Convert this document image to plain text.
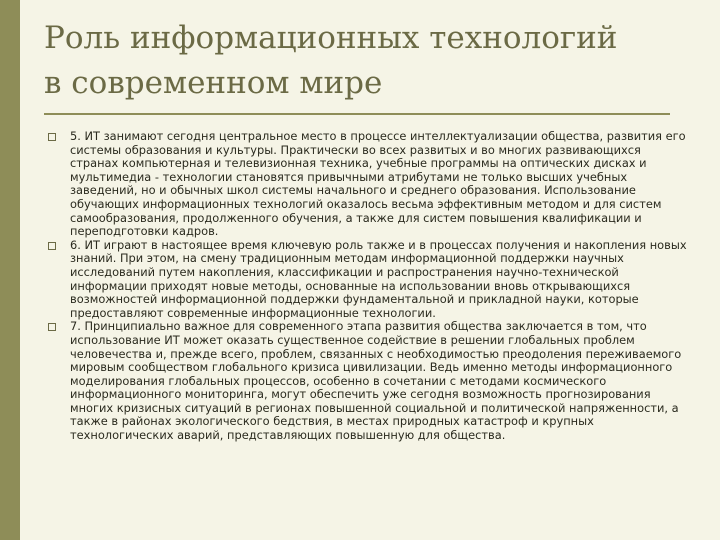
Роль информационных технологий
в современном мире

5. ИТ занимают сегодня центральное место в процессе интеллектуализации общества, развития его системы образования и культуры. Практически во всех развитых и во многих развивающихся странах компьютерная и телевизионная техника, учебные программы на оптических дисках и мультимедиа - технологии становятся привычными атрибутами не только высших учебных заведений, но и обычных школ системы начального и среднего образования. Использование обучающих информационных технологий оказалось весьма эффективным методом и для систем самообразования, продолженного обучения, а также для систем повышения квалификации и переподготовки кадров.

6. ИТ играют в настоящее время ключевую роль также и в процессах получения и накопления новых знаний. При этом, на смену традиционным методам информационной поддержки научных исследований путем накопления, классификации и распространения научно-технической информации приходят новые методы, основанные на использовании вновь открывающихся возможностей информационной поддержки фундаментальной и прикладной науки, которые предоставляют современные информационные технологии.

7. Принципиально важное для современного этапа развития общества заключается в том, что использование ИТ может оказать существенное содействие в решении глобальных проблем человечества и, прежде всего, проблем, связанных с необходимостью преодоления переживаемого мировым сообществом глобального кризиса цивилизации. Ведь именно методы информационного моделирования глобальных процессов, особенно в сочетании с методами космического информационного мониторинга, могут обеспечить уже сегодня возможность прогнозирования многих кризисных ситуаций в регионах повышенной социальной и политической напряженности, а также в районах экологического бедствия, в местах природных катастроф и крупных технологических аварий, представляющих повышенную для общества.
